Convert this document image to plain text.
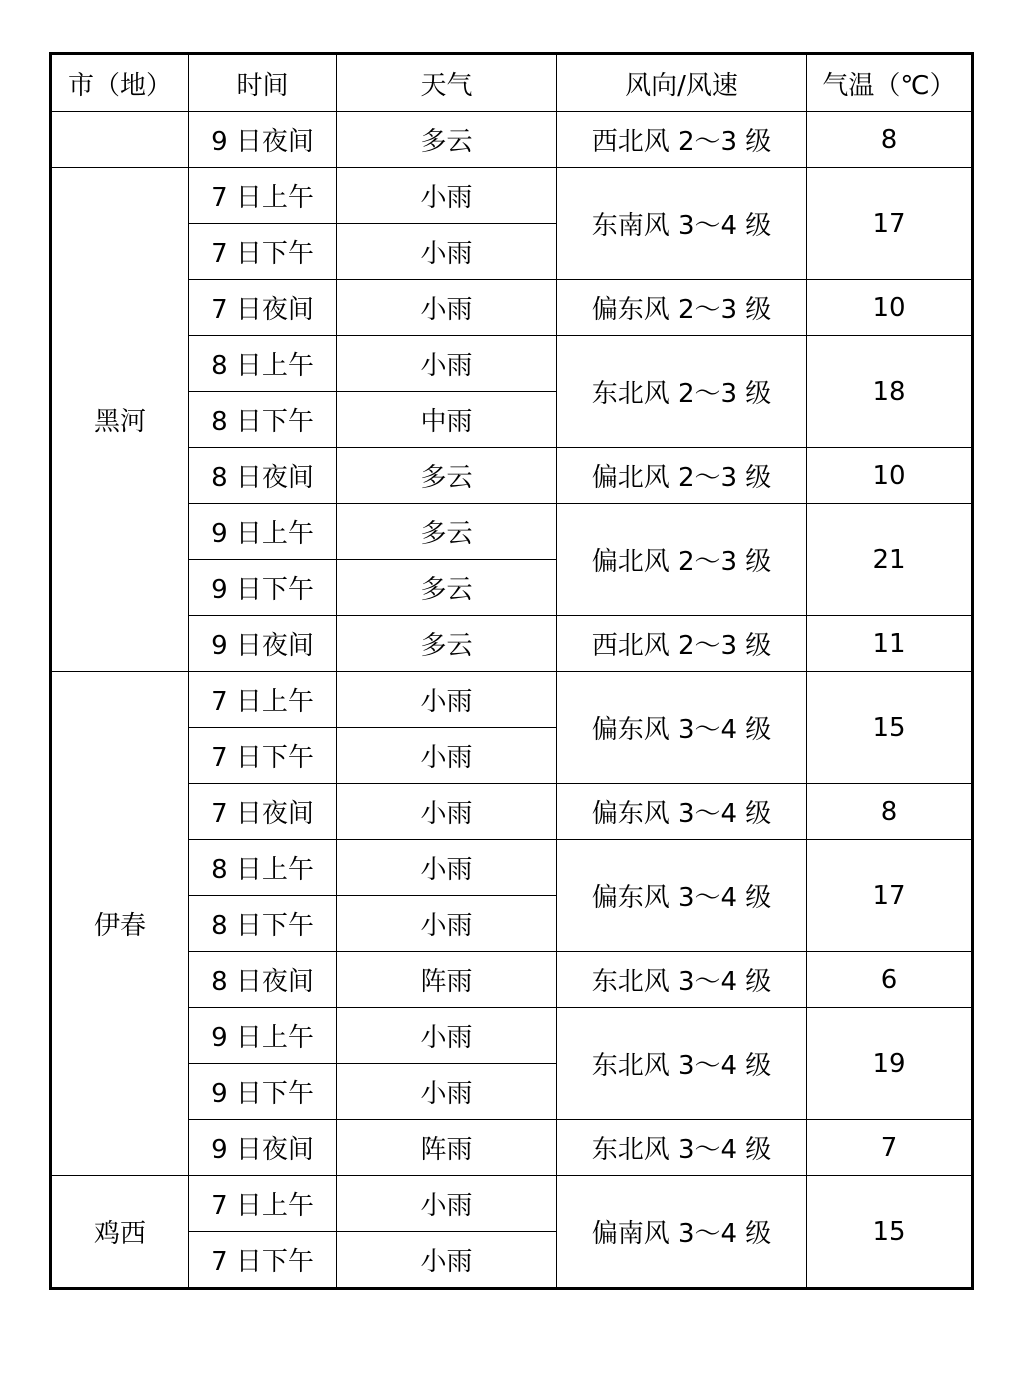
市（地）	时间	天气	风向/风速	气温（℃）
	9 日夜间	多云	西北风 2～3 级	8
黑河	7 日上午	小雨	东南风 3～4 级	17
	7 日下午	小雨		
	7 日夜间	小雨	偏东风 2～3 级	10
	8 日上午	小雨	东北风 2～3 级	18
	8 日下午	中雨		
	8 日夜间	多云	偏北风 2～3 级	10
	9 日上午	多云	偏北风 2～3 级	21
	9 日下午	多云		
	9 日夜间	多云	西北风 2～3 级	11
伊春	7 日上午	小雨	偏东风 3～4 级	15
	7 日下午	小雨		
	7 日夜间	小雨	偏东风 3～4 级	8
	8 日上午	小雨	偏东风 3～4 级	17
	8 日下午	小雨		
	8 日夜间	阵雨	东北风 3～4 级	6
	9 日上午	小雨	东北风 3～4 级	19
	9 日下午	小雨		
	9 日夜间	阵雨	东北风 3～4 级	7
鸡西	7 日上午	小雨	偏南风 3～4 级	15
	7 日下午	小雨		
